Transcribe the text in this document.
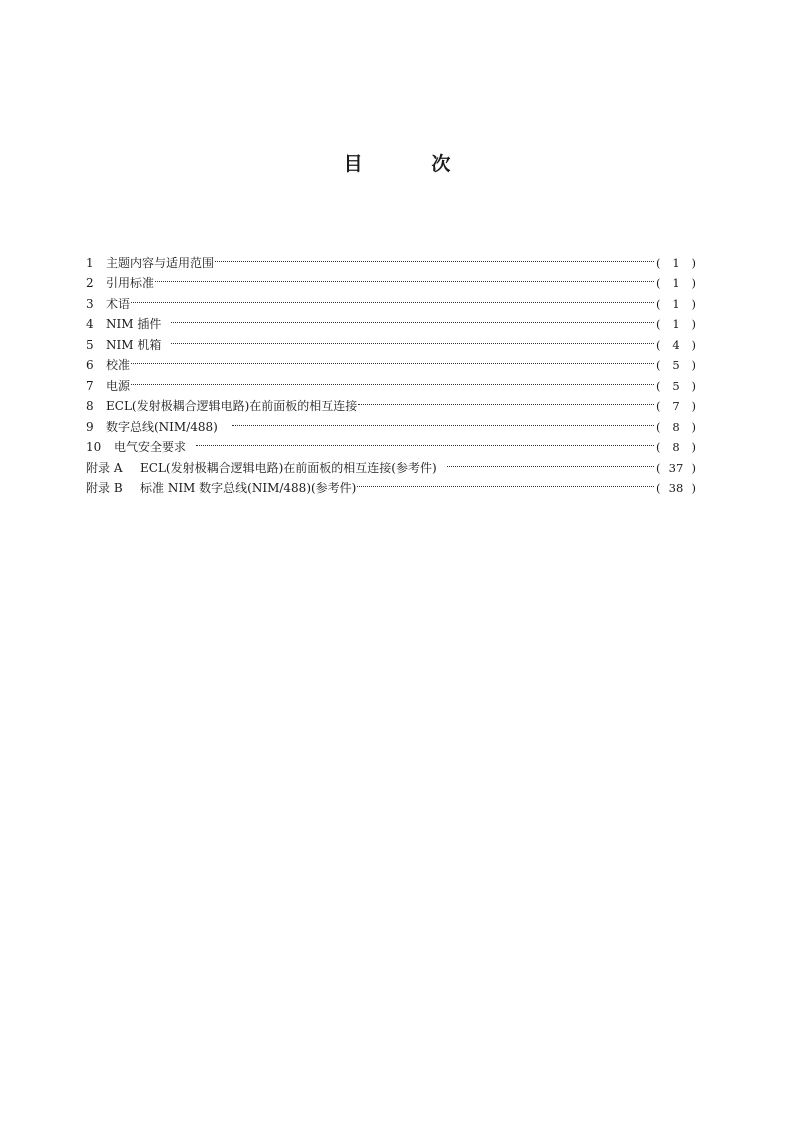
目	次
1	主题内容与适用范围	(	1	)
2	引用标准	(	1	)
3	术语	(	1	)
4	NIM 插件	(	1	)
5	NIM 机箱	(	4	)
6	校准	(	5	)
7	电源	(	5	)
8	ECL(发射极耦合逻辑电路)在前面板的相互连接	(	7	)
9	数字总线(NIM/488)	(	8	)
10	电气安全要求	(	8	)
附录 A	ECL(发射极耦合逻辑电路)在前面板的相互连接(参考件)	( 37 )
附录 B	标准 NIM 数字总线(NIM/488)(参考件)	( 38 )
